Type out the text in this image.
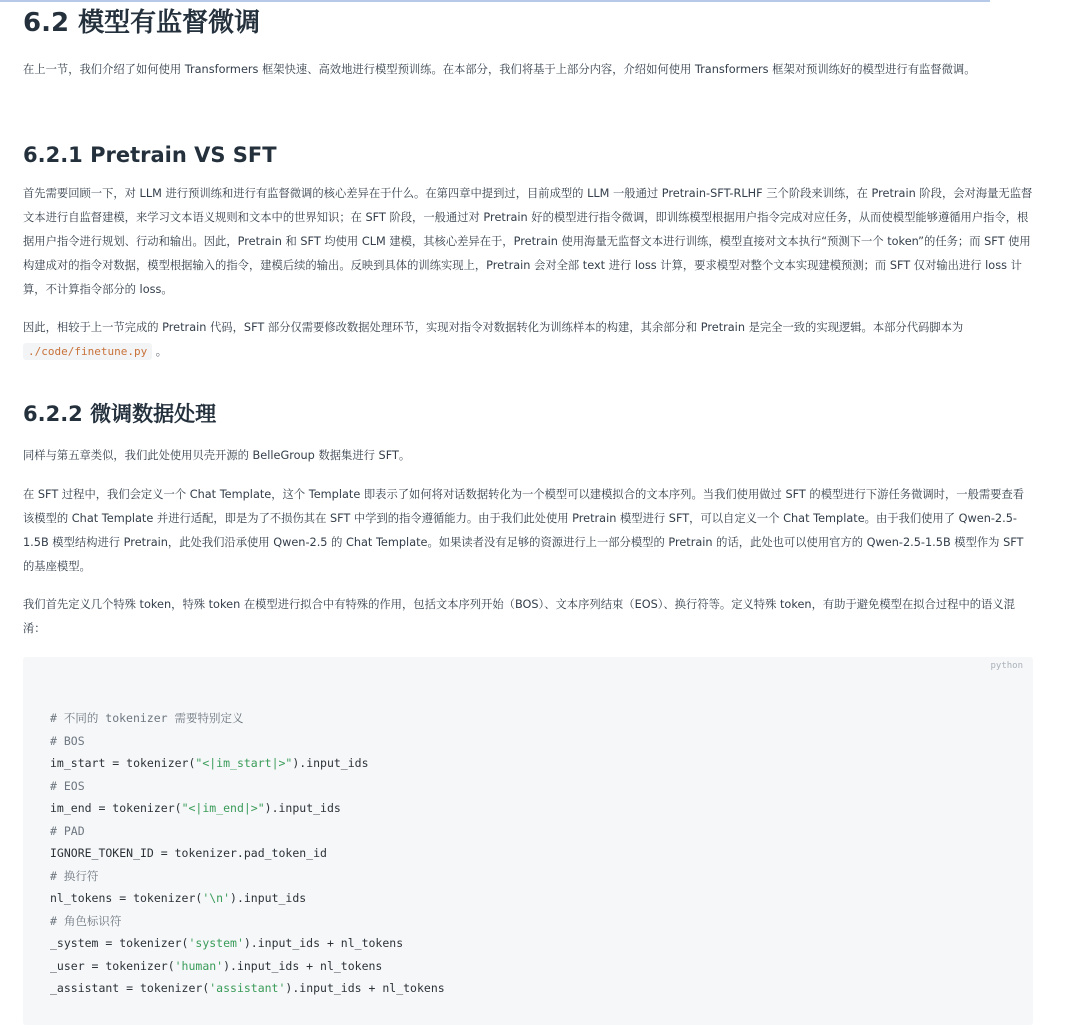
6.2 模型有监督微调

在上一节，我们介绍了如何使用 Transformers 框架快速、高效地进行模型预训练。在本部分，我们将基于上部分内容，介绍如何使用 Transformers 框架对预训练好的模型进行有监督微调。

6.2.1 Pretrain VS SFT

首先需要回顾一下，对 LLM 进行预训练和进行有监督微调的核心差异在于什么。在第四章中提到过，目前成型的 LLM 一般通过 Pretrain-SFT-RLHF 三个阶段来训练，在 Pretrain 阶段，会对海量无监督文本进行自监督建模，来学习文本语义规则和文本中的世界知识；在 SFT 阶段，一般通过对 Pretrain 好的模型进行指令微调，即训练模型根据用户指令完成对应任务，从而使模型能够遵循用户指令，根据用户指令进行规划、行动和输出。因此，Pretrain 和 SFT 均使用 CLM 建模，其核心差异在于，Pretrain 使用海量无监督文本进行训练，模型直接对文本执行“预测下一个 token”的任务；而 SFT 使用构建成对的指令对数据，模型根据输入的指令，建模后续的输出。反映到具体的训练实现上，Pretrain 会对全部 text 进行 loss 计算，要求模型对整个文本实现建模预测；而 SFT 仅对输出进行 loss 计算，不计算指令部分的 loss。

因此，相较于上一节完成的 Pretrain 代码，SFT 部分仅需要修改数据处理环节，实现对指令对数据转化为训练样本的构建，其余部分和 Pretrain 是完全一致的实现逻辑。本部分代码脚本为 ./code/finetune.py 。

6.2.2 微调数据处理

同样与第五章类似，我们此处使用贝壳开源的 BelleGroup 数据集进行 SFT。

在 SFT 过程中，我们会定义一个 Chat Template，这个 Template 即表示了如何将对话数据转化为一个模型可以建模拟合的文本序列。当我们使用做过 SFT 的模型进行下游任务微调时，一般需要查看该模型的 Chat Template 并进行适配，即是为了不损伤其在 SFT 中学到的指令遵循能力。由于我们此处使用 Pretrain 模型进行 SFT，可以自定义一个 Chat Template。由于我们使用了 Qwen-2.5-1.5B 模型结构进行 Pretrain，此处我们沿承使用 Qwen-2.5 的 Chat Template。如果读者没有足够的资源进行上一部分模型的 Pretrain 的话，此处也可以使用官方的 Qwen-2.5-1.5B 模型作为 SFT 的基座模型。

我们首先定义几个特殊 token，特殊 token 在模型进行拟合中有特殊的作用，包括文本序列开始（BOS）、文本序列结束（EOS）、换行符等。定义特殊 token，有助于避免模型在拟合过程中的语义混淆：

python
# 不同的 tokenizer 需要特别定义
# BOS
im_start = tokenizer("<|im_start|>").input_ids
# EOS
im_end = tokenizer("<|im_end|>").input_ids
# PAD
IGNORE_TOKEN_ID = tokenizer.pad_token_id
# 换行符
nl_tokens = tokenizer('\n').input_ids
# 角色标识符
_system = tokenizer('system').input_ids + nl_tokens
_user = tokenizer('human').input_ids + nl_tokens
_assistant = tokenizer('assistant').input_ids + nl_tokens
